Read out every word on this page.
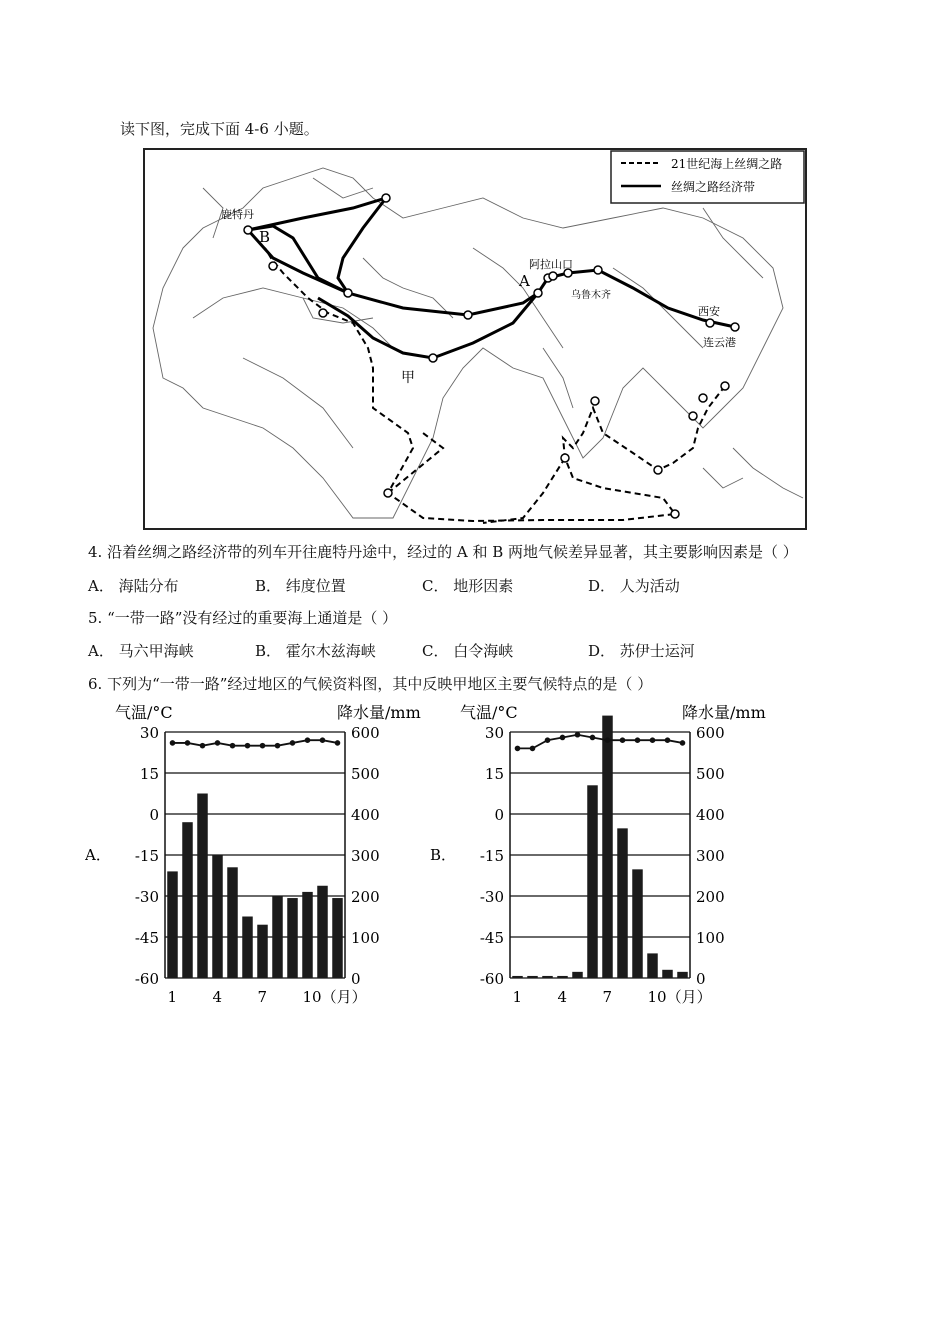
读下图，完成下面 4-6 小题。
21世纪海上丝绸之路
丝绸之路经济带
鹿特丹
B
阿拉山口
A
乌鲁木齐
西安
连云港
甲
4. 沿着丝绸之路经济带的列车开往鹿特丹途中，经过的 A 和 B 两地气候差异显著，其主要影响因素是（ ）
A． 海陆分布	B． 纬度位置	C． 地形因素	D． 人为活动
5. “一带一路”没有经过的重要海上通道是（ ）
A． 马六甲海峡	B． 霍尔木兹海峡	C． 白令海峡	D． 苏伊士运河
6. 下列为“一带一路”经过地区的气候资料图，其中反映甲地区主要气候特点的是（ ）
A．
气温/°C	降水量/mm
30	600
15	500
0	400
-15	300
-30	200
-45	100
-60	0
1 4 7 10（月）
B．
气温/°C	降水量/mm
30	600
15	500
0	400
-15	300
-30	200
-45	100
-60	0
1 4 7 10（月）
